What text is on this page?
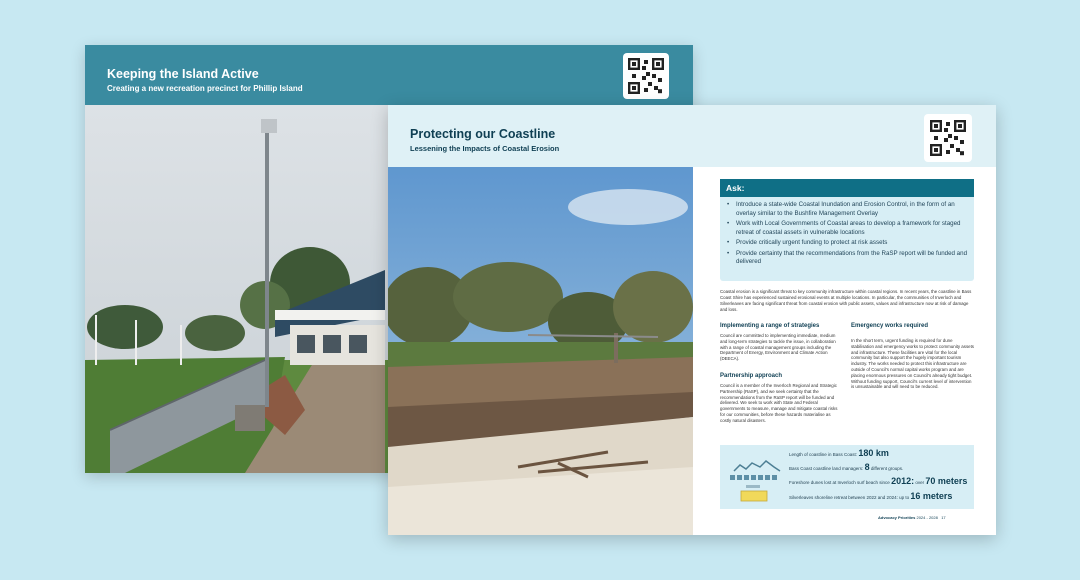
Keeping the Island Active
Creating a new recreation precinct for Phillip Island
Protecting our Coastline
Lessening the Impacts of Coastal Erosion
Ask:
• Introduce a state-wide Coastal Inundation and Erosion Control, in the form of an overlay similar to the Bushfire Management Overlay
• Work with Local Governments of Coastal areas to develop a framework for staged retreat of coastal assets in vulnerable locations
• Provide critically urgent funding to protect at risk assets
• Provide certainty that the recommendations from the RaSP report will be funded and delivered
Coastal erosion is a significant threat to key community infrastructure within coastal regions. In recent years, the coastline in Bass Coast Shire has experienced sustained erosional events at multiple locations. In particular, the communities of Inverloch and Silverleaves are facing significant threat from coastal erosion with public assets, values and infrastructure now at risk of damage and loss.
Implementing a range of strategies
Council are committed to implementing immediate, medium and long-term strategies to tackle the issue, in collaboration with a range of coastal management groups including the Department of Energy, Environment and Climate Action (DEECA).
Partnership approach
Council is a member of the Inverloch Regional and Strategic Partnership (RaSP), and we seek certainty that the recommendations from the RaSP report will be funded and delivered. We seek to work with State and Federal governments to measure, manage and mitigate coastal risks for our communities, before these hazards materialise as costly natural disasters.
Emergency works required
In the short term, urgent funding is required for dune stabilisation and emergency works to protect community assets and infrastructure. These facilities are vital for the local community but also support the hugely important tourism industry. The works needed to protect this infrastructure are outside of Council's normal capital works program and are placing enormous pressures on Council's already tight budget. Without funding support, Council's current level of intervention is unsustainable and will need to be reduced.
Length of coastline in Bass Coast: 180 km
Bass Coast coastline land managers: 8 different groups.
Foreshore dunes lost at Inverloch surf beach since 2012: over 70 meters
Silverleaves shoreline retreat between 2022 and 2024: up to 16 meters
Advocacy Priorities 2024 - 2028 17
